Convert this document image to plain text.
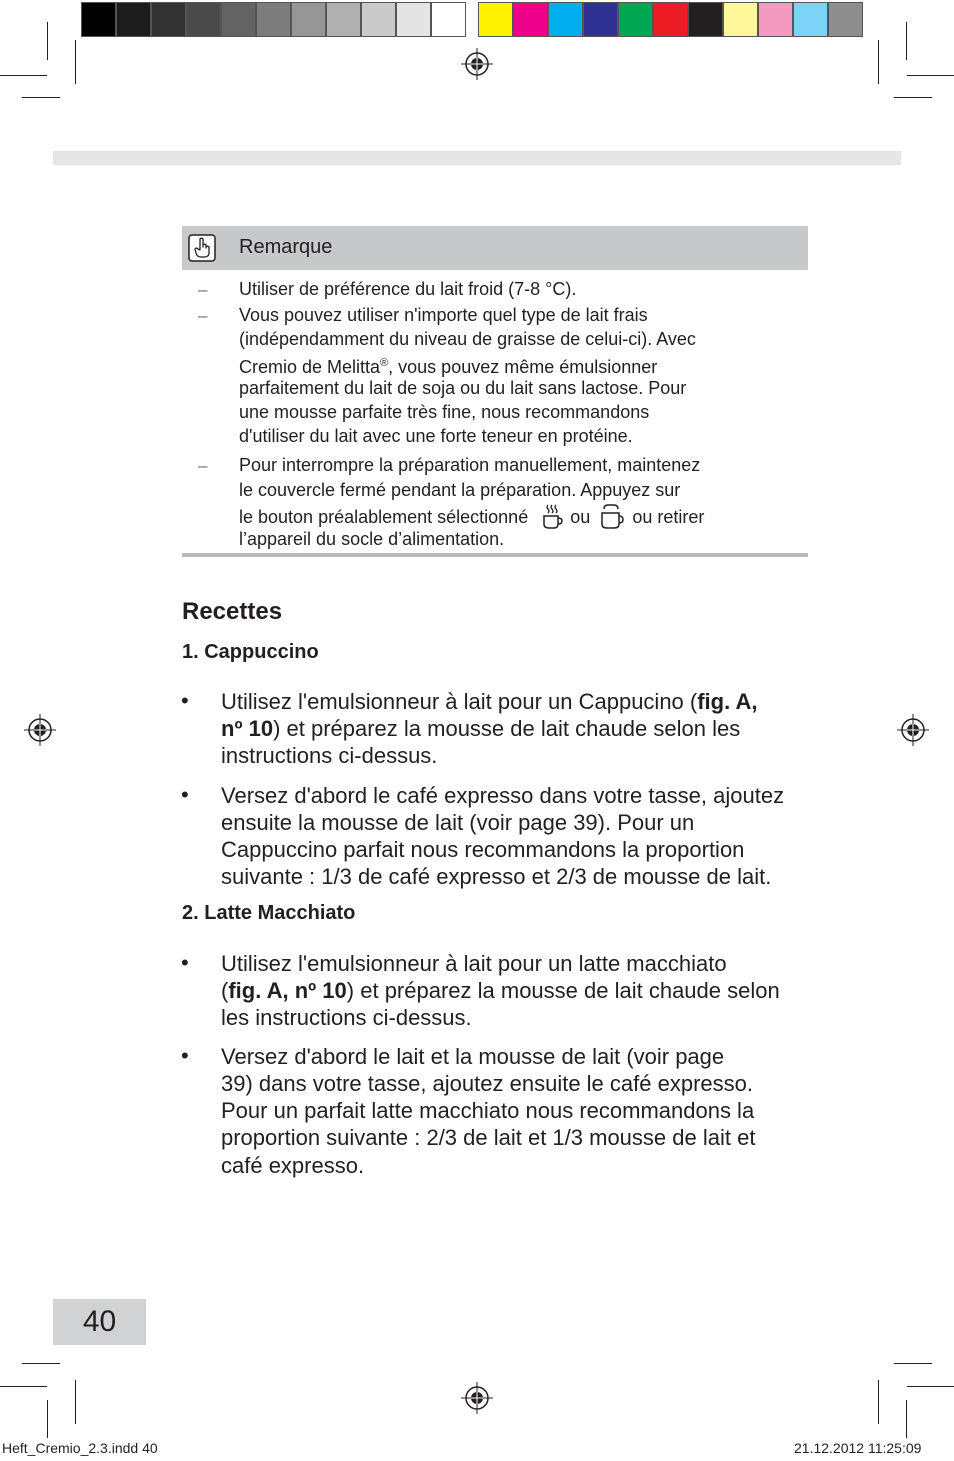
Remarque
– Utiliser de préférence du lait froid (7-8 °C).
– Vous pouvez utiliser n'importe quel type de lait frais
(indépendamment du niveau de graisse de celui-ci). Avec
Cremio de Melitta®, vous pouvez même émulsionner
parfaitement du lait de soja ou du lait sans lactose. Pour
une mousse parfaite très fine, nous recommandons
d'utiliser du lait avec une forte teneur en protéine.
– Pour interrompre la préparation manuellement, maintenez
le couvercle fermé pendant la préparation. Appuyez sur
le bouton préalablement sélectionné ou ou retirer
l’appareil du socle d’alimentation.
Recettes
1. Cappuccino
• Utilisez l'emulsionneur à lait pour un Cappucino (fig. A,
nº 10) et préparez la mousse de lait chaude selon les
instructions ci-dessus.
• Versez d'abord le café expresso dans votre tasse, ajoutez
ensuite la mousse de lait (voir page 39). Pour un
Cappuccino parfait nous recommandons la proportion
suivante : 1/3 de café expresso et 2/3 de mousse de lait.
2. Latte Macchiato
• Utilisez l'emulsionneur à lait pour un latte macchiato
(fig. A, nº 10) et préparez la mousse de lait chaude selon
les instructions ci-dessus.
• Versez d'abord le lait et la mousse de lait (voir page
39) dans votre tasse, ajoutez ensuite le café expresso.
Pour un parfait latte macchiato nous recommandons la
proportion suivante : 2/3 de lait et 1/3 mousse de lait et
café expresso.
40
Heft_Cremio_2.3.indd 40	21.12.2012 11:25:09
